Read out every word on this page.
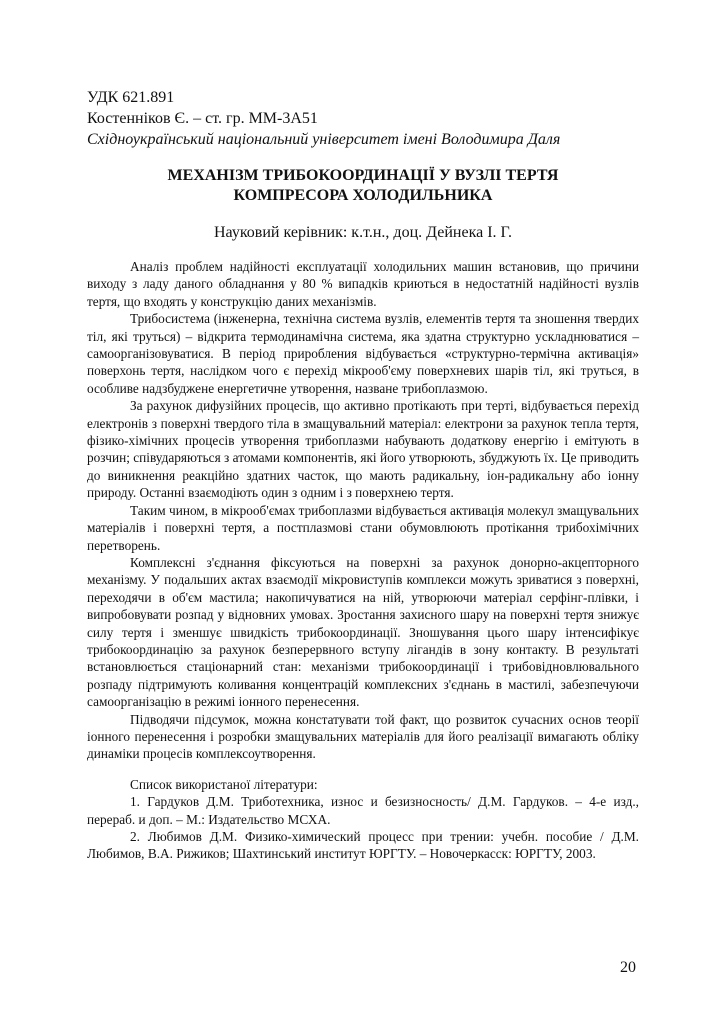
УДК 621.891
Костенніков Є. – ст. гр. ММ-3А51
Східноукраїнський національний університет імені Володимира Даля
МЕХАНІЗМ ТРИБОКООРДИНАЦІЇ У ВУЗЛІ ТЕРТЯ
КОМПРЕСОРА ХОЛОДИЛЬНИКА
Науковий керівник: к.т.н., доц. Дейнека І. Г.

Аналіз проблем надійності експлуатації холодильних машин встановив, що причини виходу з ладу даного обладнання у 80 % випадків криються в недостатній надійності вузлів тертя, що входять у конструкцію даних механізмів.

Трибосистема (інженерна, технічна система вузлів, елементів тертя та зношення твердих тіл, які труться) – відкрита термодинамічна система, яка здатна структурно ускладнюватися – самоорганізовуватися. В період приробления відбувається «структурно-термічна активація» поверхонь тертя, наслідком чого є перехід мікрооб'єму поверхневих шарів тіл, які труться, в особливе надзбуджене енергетичне утворення, назване трибоплазмою.

За рахунок дифузійних процесів, що активно протікають при терті, відбувається перехід електронів з поверхні твердого тіла в змащувальний матеріал: електрони за рахунок тепла тертя, фізико-хімічних процесів утворення трибоплазми набувають додаткову енергію і емітують в розчин; співударяються з атомами компонентів, які його утворюють, збуджують їх. Це приводить до виникнення реакційно здатних часток, що мають радикальну, іон-радикальну або іонну природу. Останні взаємодіють один з одним і з поверхнею тертя.

Таким чином, в мікрооб'ємах трибоплазми відбувається активація молекул змащувальних матеріалів і поверхні тертя, а постплазмові стани обумовлюють протікання трибохімічних перетворень.

Комплексні з'єднання фіксуються на поверхні за рахунок донорно-акцепторного механізму. У подальших актах взаємодії мікровиступів комплекси можуть зриватися з поверхні, переходячи в об'єм мастила; накопичуватися на ній, утворюючи матеріал серфінг-плівки, і випробовувати розпад у відновних умовах. Зростання захисного шару на поверхні тертя знижує силу тертя і зменшує швидкість трибокоординації. Зношування цього шару інтенсифікує трибокоординацію за рахунок безперервного вступу лігандів в зону контакту. В результаті встановлюється стаціонарний стан: механізми трибокоординації і трибовідновлювального розпаду підтримують коливання концентрацій комплексних з'єднань в мастилі, забезпечуючи самоорганізацію в режимі іонного перенесення.

Підводячи підсумок, можна констатувати той факт, що розвиток сучасних основ теорії іонного перенесення і розробки змащувальних матеріалів для його реалізації вимагають обліку динаміки процесів комплексоутворення.

Список використаної літератури:

1. Гардуков Д.М. Триботехника, износ и безизносность/ Д.М. Гардуков. – 4-е изд., перераб. и доп. – М.: Издательство МСХА.

2. Любимов Д.М. Физико-химический процесс при трении: учебн. пособие / Д.М. Любимов, В.А. Рижиков; Шахтинський институт ЮРГТУ. – Новочеркасск: ЮРГТУ, 2003.

20
